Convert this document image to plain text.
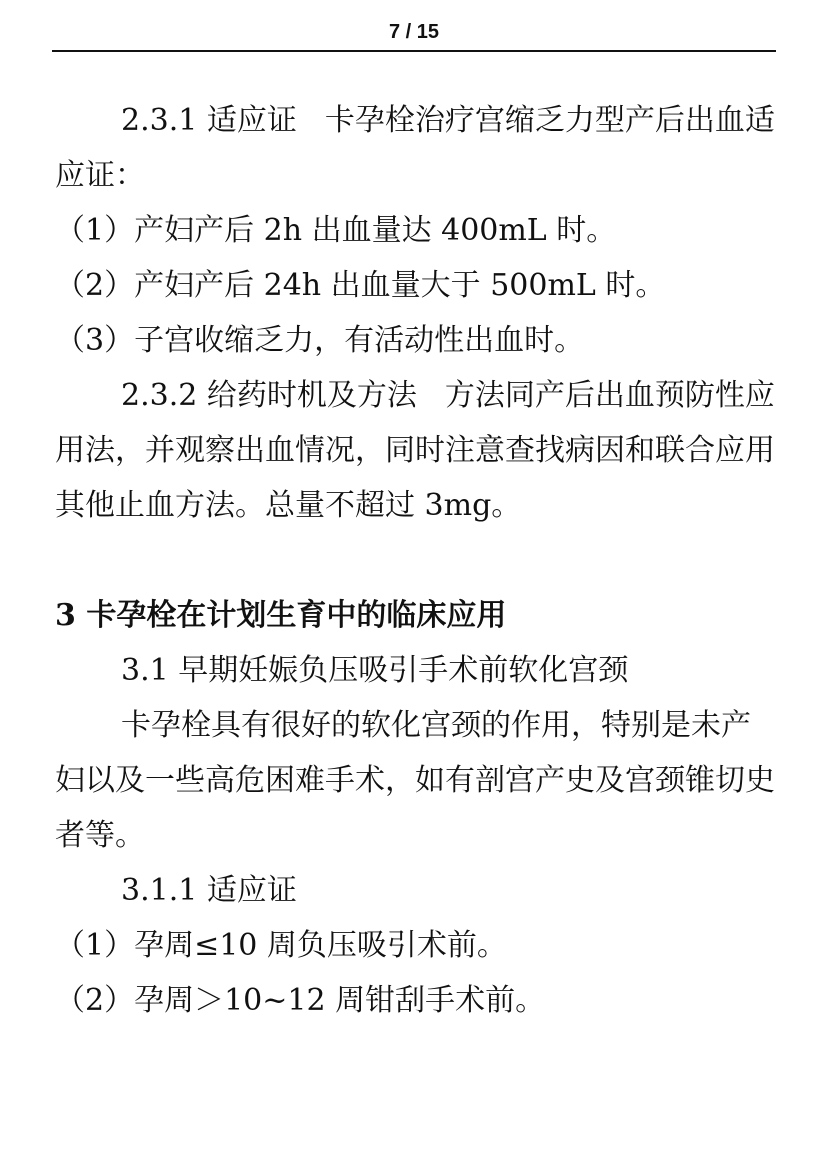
7 / 15

2.3.1 适应证 卡孕栓治疗宫缩乏力型产后出血适应证：

（1）产妇产后 2h 出血量达 400mL 时。

（2）产妇产后 24h 出血量大于 500mL 时。

（3）子宫收缩乏力，有活动性出血时。

2.3.2 给药时机及方法 方法同产后出血预防性应用法，并观察出血情况，同时注意查找病因和联合应用其他止血方法。总量不超过 3mg。

3 卡孕栓在计划生育中的临床应用

3.1 早期妊娠负压吸引手术前软化宫颈

卡孕栓具有很好的软化宫颈的作用，特别是未产妇以及一些高危困难手术，如有剖宫产史及宫颈锥切史者等。

3.1.1 适应证

（1）孕周≤10 周负压吸引术前。

（2）孕周＞10~12 周钳刮手术前。
